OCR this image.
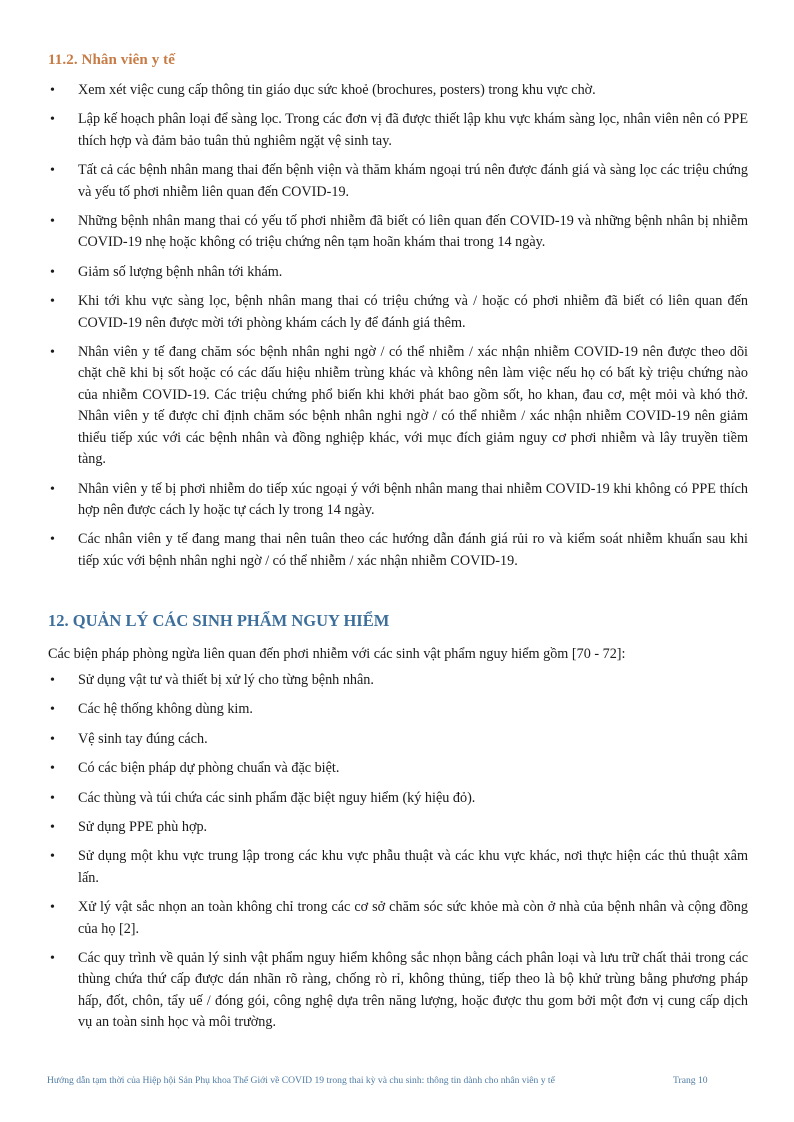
11.2. Nhân viên y tế
• Xem xét việc cung cấp thông tin giáo dục sức khoẻ (brochures, posters) trong khu vực chờ.
• Lập kế hoạch phân loại để sàng lọc. Trong các đơn vị đã được thiết lập khu vực khám sàng lọc, nhân viên nên có PPE thích hợp và đảm bảo tuân thủ nghiêm ngặt vệ sinh tay.
• Tất cả các bệnh nhân mang thai đến bệnh viện và thăm khám ngoại trú nên được đánh giá và sàng lọc các triệu chứng và yếu tố phơi nhiễm liên quan đến COVID-19.
• Những bệnh nhân mang thai có yếu tố phơi nhiễm đã biết có liên quan đến COVID-19 và những bệnh nhân bị nhiễm COVID-19 nhẹ hoặc không có triệu chứng nên tạm hoãn khám thai trong 14 ngày.
• Giảm số lượng bệnh nhân tới khám.
• Khi tới khu vực sàng lọc, bệnh nhân mang thai có triệu chứng và / hoặc có phơi nhiễm đã biết có liên quan đến COVID-19 nên được mời tới phòng khám cách ly để đánh giá thêm.
• Nhân viên y tế đang chăm sóc bệnh nhân nghi ngờ / có thể nhiễm / xác nhận nhiễm COVID-19 nên được theo dõi chặt chẽ khi bị sốt hoặc có các dấu hiệu nhiễm trùng khác và không nên làm việc nếu họ có bất kỳ triệu chứng nào của nhiễm COVID-19. Các triệu chứng phổ biến khi khởi phát bao gồm sốt, ho khan, đau cơ, mệt mỏi và khó thở. Nhân viên y tế được chỉ định chăm sóc bệnh nhân nghi ngờ / có thể nhiễm / xác nhận nhiễm COVID-19 nên giảm thiểu tiếp xúc với các bệnh nhân và đồng nghiệp khác, với mục đích giảm nguy cơ phơi nhiễm và lây truyền tiềm tàng.
• Nhân viên y tế bị phơi nhiễm do tiếp xúc ngoại ý với bệnh nhân mang thai nhiễm COVID-19 khi không có PPE thích hợp nên được cách ly hoặc tự cách ly trong 14 ngày.
• Các nhân viên y tế đang mang thai nên tuân theo các hướng dẫn đánh giá rủi ro và kiểm soát nhiễm khuẩn sau khi tiếp xúc với bệnh nhân nghi ngờ / có thể nhiễm / xác nhận nhiễm COVID-19.
12. QUẢN LÝ CÁC SINH PHẨM NGUY HIỂM
Các biện pháp phòng ngừa liên quan đến phơi nhiễm với các sinh vật phẩm nguy hiểm gồm [70 - 72]:
• Sử dụng vật tư và thiết bị xử lý cho từng bệnh nhân.
• Các hệ thống không dùng kim.
• Vệ sinh tay đúng cách.
• Có các biện pháp dự phòng chuẩn và đặc biệt.
• Các thùng và túi chứa các sinh phẩm đặc biệt nguy hiểm (ký hiệu đỏ).
• Sử dụng PPE phù hợp.
• Sử dụng một khu vực trung lập trong các khu vực phẫu thuật và các khu vực khác, nơi thực hiện các thủ thuật xâm lấn.
• Xử lý vật sắc nhọn an toàn không chỉ trong các cơ sở chăm sóc sức khỏe mà còn ở nhà của bệnh nhân và cộng đồng của họ [2].
• Các quy trình về quản lý sinh vật phẩm nguy hiểm không sắc nhọn bằng cách phân loại và lưu trữ chất thải trong các thùng chứa thứ cấp được dán nhãn rõ ràng, chống rò rỉ, không thủng, tiếp theo là bộ khử trùng bằng phương pháp hấp, đốt, chôn, tẩy uế / đóng gói, công nghệ dựa trên năng lượng, hoặc được thu gom bởi một đơn vị cung cấp dịch vụ an toàn sinh học và môi trường.
Hướng dẫn tạm thời của Hiệp hội Sản Phụ khoa Thế Giới về COVID 19 trong thai kỳ và chu sinh: thông tin dành cho nhân viên y tế	Trang 10
